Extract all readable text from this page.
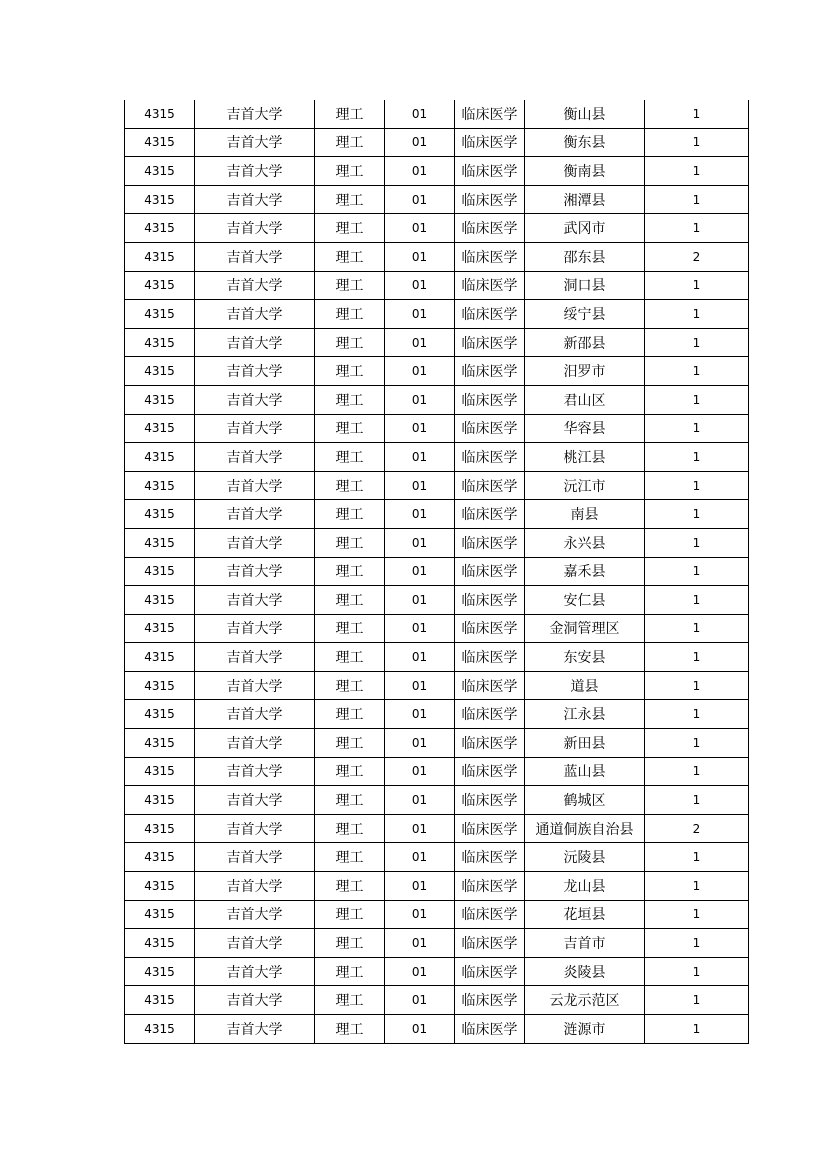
4315	吉首大学	理工	01	临床医学	衡山县	1
4315	吉首大学	理工	01	临床医学	衡东县	1
4315	吉首大学	理工	01	临床医学	衡南县	1
4315	吉首大学	理工	01	临床医学	湘潭县	1
4315	吉首大学	理工	01	临床医学	武冈市	1
4315	吉首大学	理工	01	临床医学	邵东县	2
4315	吉首大学	理工	01	临床医学	洞口县	1
4315	吉首大学	理工	01	临床医学	绥宁县	1
4315	吉首大学	理工	01	临床医学	新邵县	1
4315	吉首大学	理工	01	临床医学	汨罗市	1
4315	吉首大学	理工	01	临床医学	君山区	1
4315	吉首大学	理工	01	临床医学	华容县	1
4315	吉首大学	理工	01	临床医学	桃江县	1
4315	吉首大学	理工	01	临床医学	沅江市	1
4315	吉首大学	理工	01	临床医学	南县	1
4315	吉首大学	理工	01	临床医学	永兴县	1
4315	吉首大学	理工	01	临床医学	嘉禾县	1
4315	吉首大学	理工	01	临床医学	安仁县	1
4315	吉首大学	理工	01	临床医学	金洞管理区	1
4315	吉首大学	理工	01	临床医学	东安县	1
4315	吉首大学	理工	01	临床医学	道县	1
4315	吉首大学	理工	01	临床医学	江永县	1
4315	吉首大学	理工	01	临床医学	新田县	1
4315	吉首大学	理工	01	临床医学	蓝山县	1
4315	吉首大学	理工	01	临床医学	鹤城区	1
4315	吉首大学	理工	01	临床医学	通道侗族自治县	2
4315	吉首大学	理工	01	临床医学	沅陵县	1
4315	吉首大学	理工	01	临床医学	龙山县	1
4315	吉首大学	理工	01	临床医学	花垣县	1
4315	吉首大学	理工	01	临床医学	吉首市	1
4315	吉首大学	理工	01	临床医学	炎陵县	1
4315	吉首大学	理工	01	临床医学	云龙示范区	1
4315	吉首大学	理工	01	临床医学	涟源市	1
